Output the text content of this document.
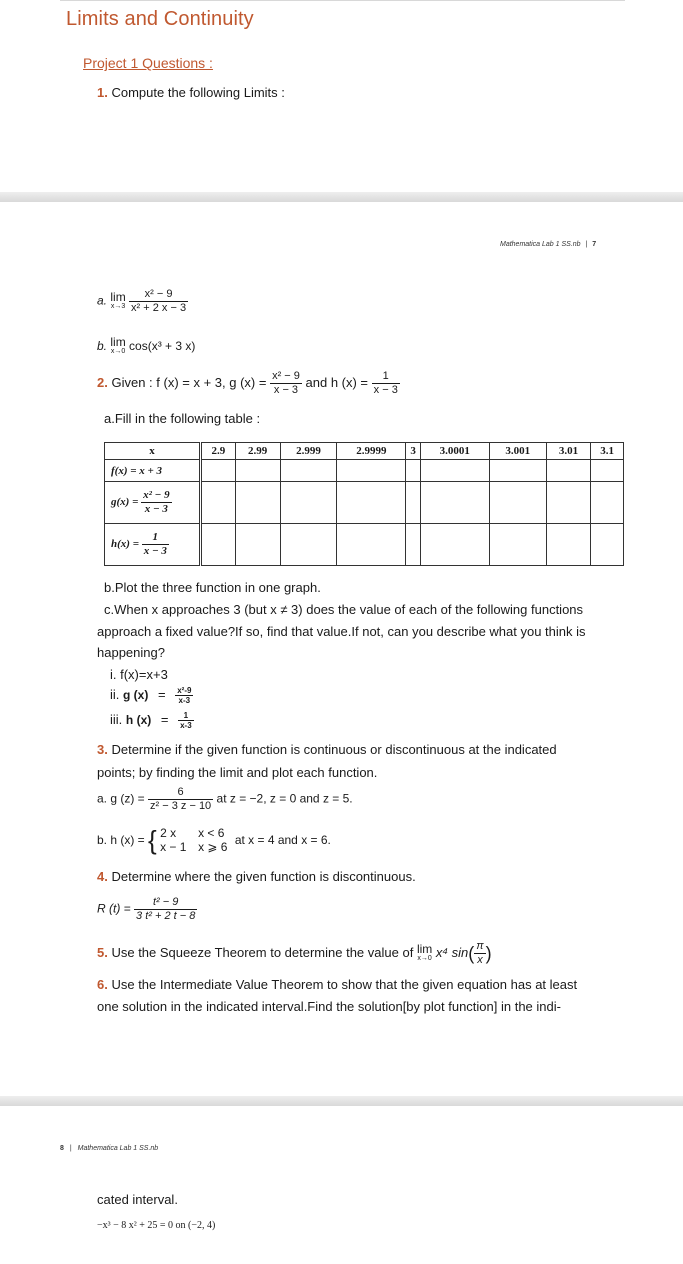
Limits and Continuity
Project 1 Questions :
1. Compute the following Limits :
Mathematica Lab 1 SS.nb | 7
a. lim
x→3
$\frac{\text{x² − 9}}{\text{x² + 2 x − 3}}$
b. lim
x→0 cos(x³ + 3 x)
2. Given : f (x) = x + 3, g $(x) = \frac{\text{x² − 9}}{x - 3}$ and h $(x) = \frac{1}{x - 3}$
a.Fill in the following table :
x	2.9	2.99	2.999	2.9999	3	3.0001	3.001	3.01	3.1
f(x) = x + 3									
$g(x) = \frac{\text{x² − 9}}{x - 3}$

$h(x) = \frac{1}{x - 3}$

b.Plot the three function in one graph.
c.When x approaches 3 (but x ≠ 3) does the value of each of the following functions
approach a fixed value?If so, find that value.If not, can you describe what you think is
happening?
i. f(x)=x+3
ii. g $(x) = \frac{\text{x²-9}}{x-3}$
iii. h $(x) = \frac{1}{x-3}$
3. Determine if the given function is continuous or discontinuous at the indicated
points; by finding the limit and plot each function.
a. g $(z) = \frac{6}{\text{z² − 3 z − 10}}$ at z = −2, z = 0 and z = 5.
b. h (x) = { 2 x x < 6
x − 1 x ⩾ 6 at x = 4 and x = 6.
4. Determine where the given function is discontinuous.
R $(t) = \frac{\text{t² − 9}}{\text{3 t² + 2 t − 8}}$
5. Use the Squeeze Theorem to determine the value of lim
x→0 x⁴ $\sin( \frac{\pi}{x}$ )
6. Use the Intermediate Value Theorem to show that the given equation has at least
one solution in the indicated interval.Find the solution[by plot function] in the indi-
8 | Mathematica Lab 1 SS.nb
cated interval.
−x³ − 8 x² + 25 = 0 on (−2, 4)
